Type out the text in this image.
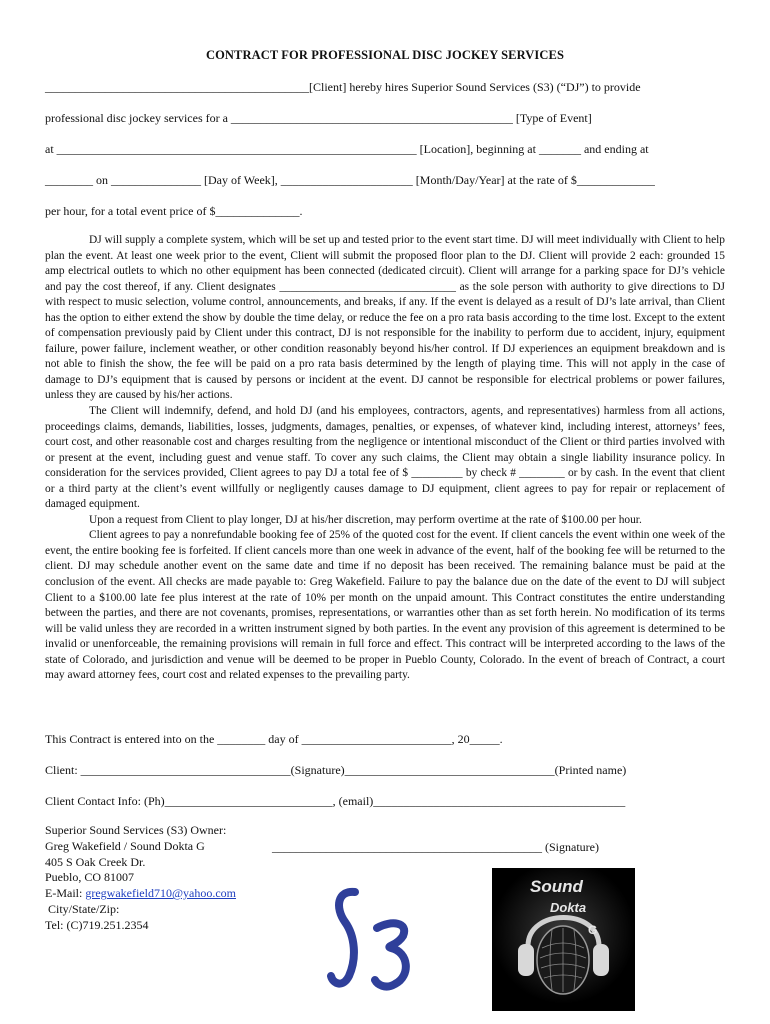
CONTRACT FOR PROFESSIONAL DISC JOCKEY SERVICES
____________________________________________[Client] hereby hires Superior Sound Services (S3) (“DJ”) to provide
professional disc jockey services for a _______________________________________________ [Type of Event]
at ____________________________________________________________ [Location], beginning at _______ and ending at
________ on _______________ [Day of Week], ______________________ [Month/Day/Year] at the rate of $_____________
per hour, for a total event price of $______________.

DJ will supply a complete system, which will be set up and tested prior to the event start time. DJ will meet individually with Client to help plan the event. At least one week prior to the event, Client will submit the proposed floor plan to the DJ. Client will provide 2 each: grounded 15 amp electrical outlets to which no other equipment has been connected (dedicated circuit). Client will arrange for a parking space for DJ’s vehicle and pay the cost thereof, if any. Client designates _______________________________ as the sole person with authority to give directions to DJ with respect to music selection, volume control, announcements, and breaks, if any. If the event is delayed as a result of DJ’s late arrival, than Client has the option to either extend the show by double the time delay, or reduce the fee on a pro rata basis according to the time lost. Except to the extent of compensation previously paid by Client under this contract, DJ is not responsible for the inability to perform due to accident, injury, equipment failure, power failure, inclement weather, or other condition reasonably beyond his/her control. If DJ experiences an equipment breakdown and is not able to finish the show, the fee will be paid on a pro rata basis determined by the length of playing time. This will not apply in the case of damage to DJ’s equipment that is caused by persons or incident at the event. DJ cannot be responsible for electrical problems or power failures, unless they are caused by his/her actions.

The Client will indemnify, defend, and hold DJ (and his employees, contractors, agents, and representatives) harmless from all actions, proceedings claims, demands, liabilities, losses, judgments, damages, penalties, or expenses, of whatever kind, including interest, attorneys’ fees, court cost, and other reasonable cost and charges resulting from the negligence or intentional misconduct of the Client or third parties involved with or present at the event, including guest and venue staff. To cover any such claims, the Client may obtain a single liability insurance policy. In consideration for the services provided, Client agrees to pay DJ a total fee of $ _________ by check # ________ or by cash. In the event that client or a third party at the client’s event willfully or negligently causes damage to DJ equipment, client agrees to pay for repair or replacement of damaged equipment.

Upon a request from Client to play longer, DJ at his/her discretion, may perform overtime at the rate of $100.00 per hour.

Client agrees to pay a nonrefundable booking fee of 25% of the quoted cost for the event. If client cancels the event within one week of the event, the entire booking fee is forfeited. If client cancels more than one week in advance of the event, half of the booking fee will be returned to the client. DJ may schedule another event on the same date and time if no deposit has been received. The remaining balance must be paid at the conclusion of the event. All checks are made payable to: Greg Wakefield. Failure to pay the balance due on the date of the event to DJ will subject Client to a $100.00 late fee plus interest at the rate of 10% per month on the unpaid amount. This Contract constitutes the entire understanding between the parties, and there are not covenants, promises, representations, or warranties other than as set forth herein. No modification of its terms will be valid unless they are recorded in a written instrument signed by both parties. In the event any provision of this agreement is determined to be invalid or unenforceable, the remaining provisions will remain in full force and effect. This contract will be interpreted according to the laws of the state of Colorado, and jurisdiction and venue will be deemed to be proper in Pueblo County, Colorado. In the event of breach of Contract, a court may award attorney fees, court cost and related expenses to the prevailing party.

This Contract is entered into on the ________ day of _________________________, 20_____.
Client: ___________________________________(Signature)___________________________________(Printed name)
Client Contact Info: (Ph)____________________________, (email)__________________________________________
Superior Sound Services (S3) Owner:
Greg Wakefield / Sound Dokta G
405 S Oak Creek Dr.
Pueblo, CO 81007
E-Mail: gregwakefield710@yahoo.com
City/State/Zip:
Tel: (C)719.251.2354
_____________________________________________ (Signature)
Sound
Dokta
G
